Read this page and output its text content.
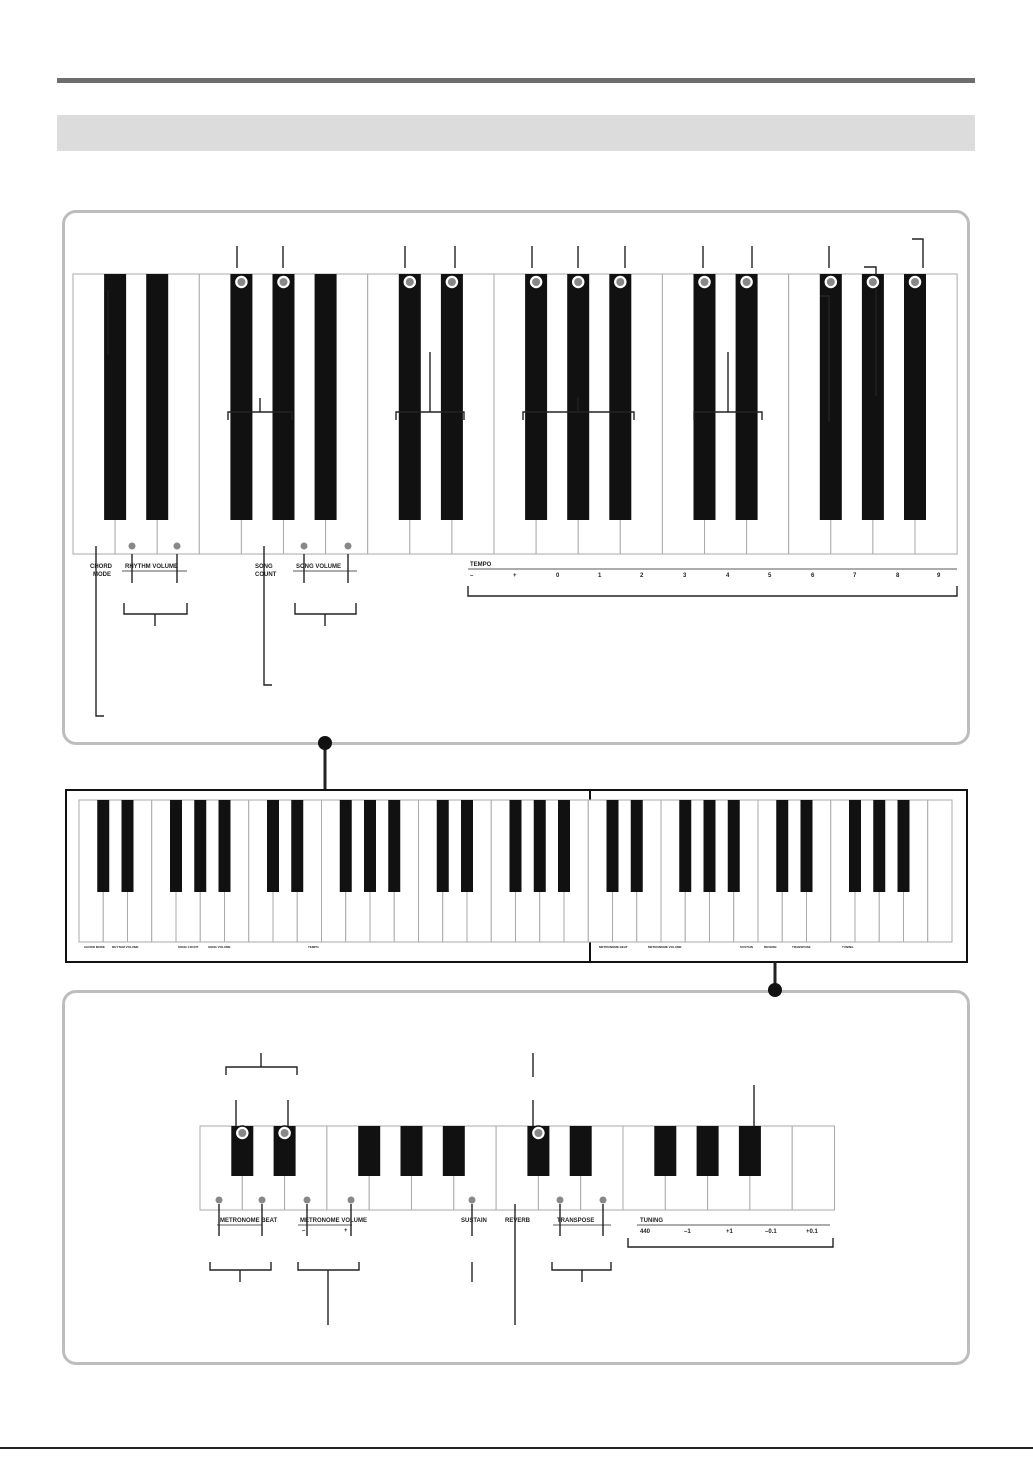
CHORD
MODE
RHYTHM VOLUME	SONG
COUNT
SONG VOLUME	TEMPO
–	+	0	1	2	3	4	5	6	7	8	9
CHORD MODE RHYTHM VOLUME	SONG COUNT	SONG VOLUME	TEMPO	METRONOME BEAT	METRONOME VOLUME	SUSTAIN	REVERB	TRANSPOSE	TUNING
METRONOME BEAT	METRONOME VOLUME
–	+
SUSTAIN	REVERB	TRANSPOSE	TUNING
440	–1	+1	–0.1	+0.1
